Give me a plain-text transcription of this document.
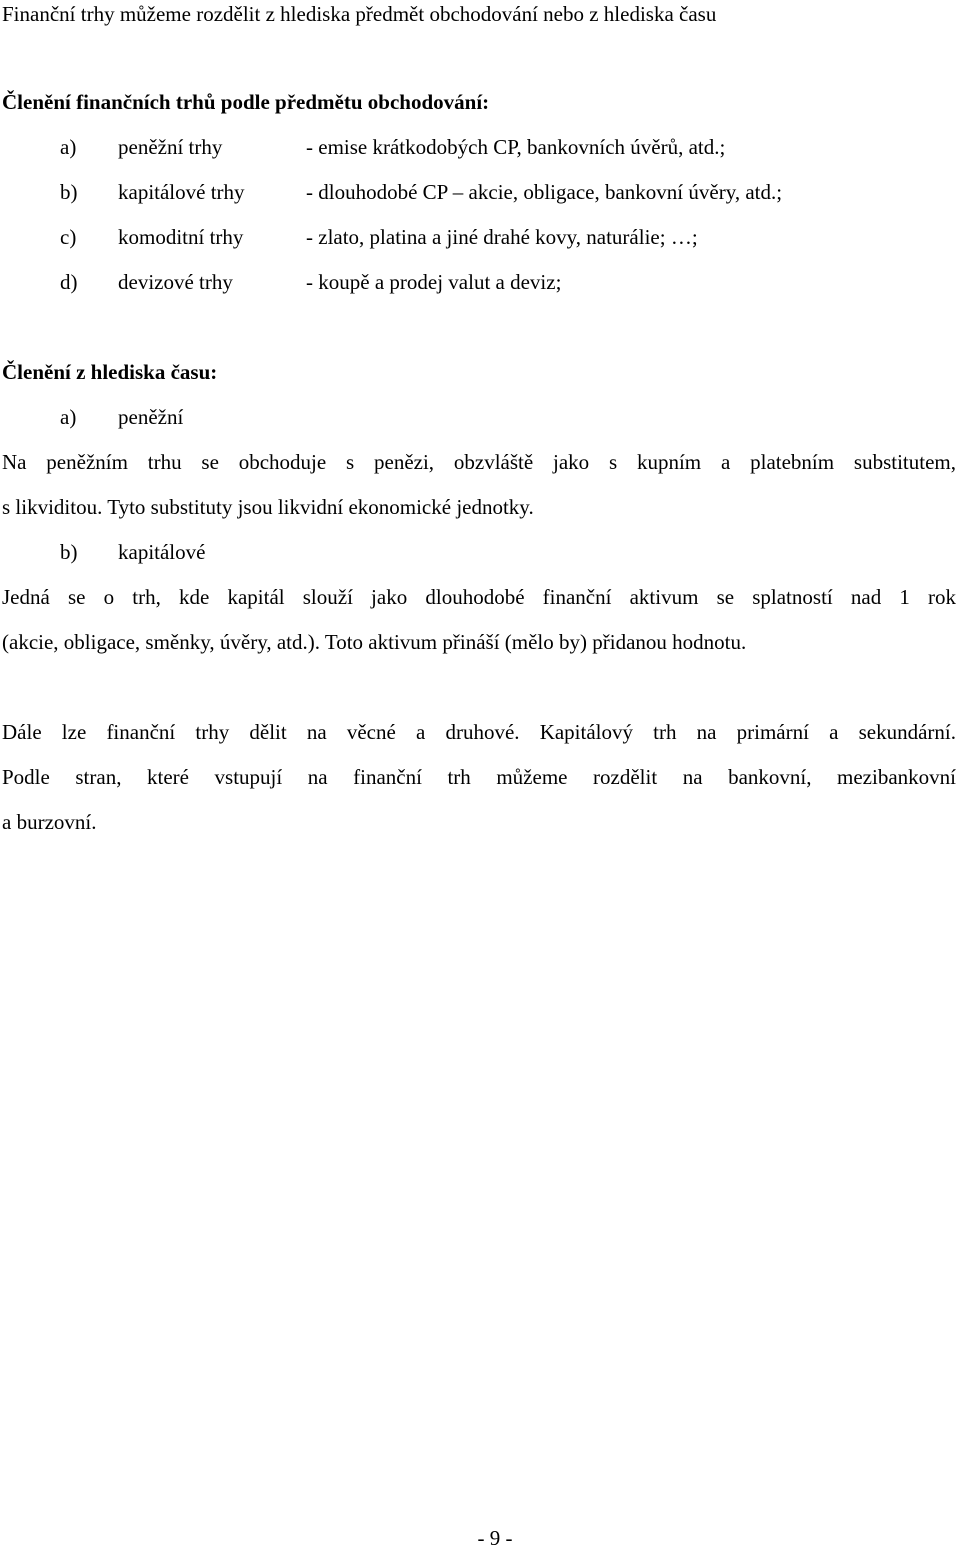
Finanční trhy můžeme rozdělit z hlediska předmět obchodování nebo z hlediska času
Členění finančních trhů podle předmětu obchodování:
a) peněžní trhy	- emise krátkodobých CP, bankovních úvěrů, atd.;
b) kapitálové trhy	- dlouhodobé CP – akcie, obligace, bankovní úvěry, atd.;
c) komoditní trhy	- zlato, platina a jiné drahé kovy, naturálie; …;
d) devizové trhy	- koupě a prodej valut a deviz;
Členění z hlediska času:
a) peněžní
Na peněžním trhu se obchoduje s penězi, obzvláště jako s kupním a platebním substitutem,
s likviditou. Tyto substituty jsou likvidní ekonomické jednotky.
b) kapitálové
Jedná se o trh, kde kapitál slouží jako dlouhodobé finanční aktivum se splatností nad 1 rok
(akcie, obligace, směnky, úvěry, atd.). Toto aktivum přináší (mělo by) přidanou hodnotu.
Dále lze finanční trhy dělit na věcné a druhové. Kapitálový trh na primární a sekundární.
Podle stran, které vstupují na finanční trh můžeme rozdělit na bankovní, mezibankovní
a burzovní.
- 9 -
